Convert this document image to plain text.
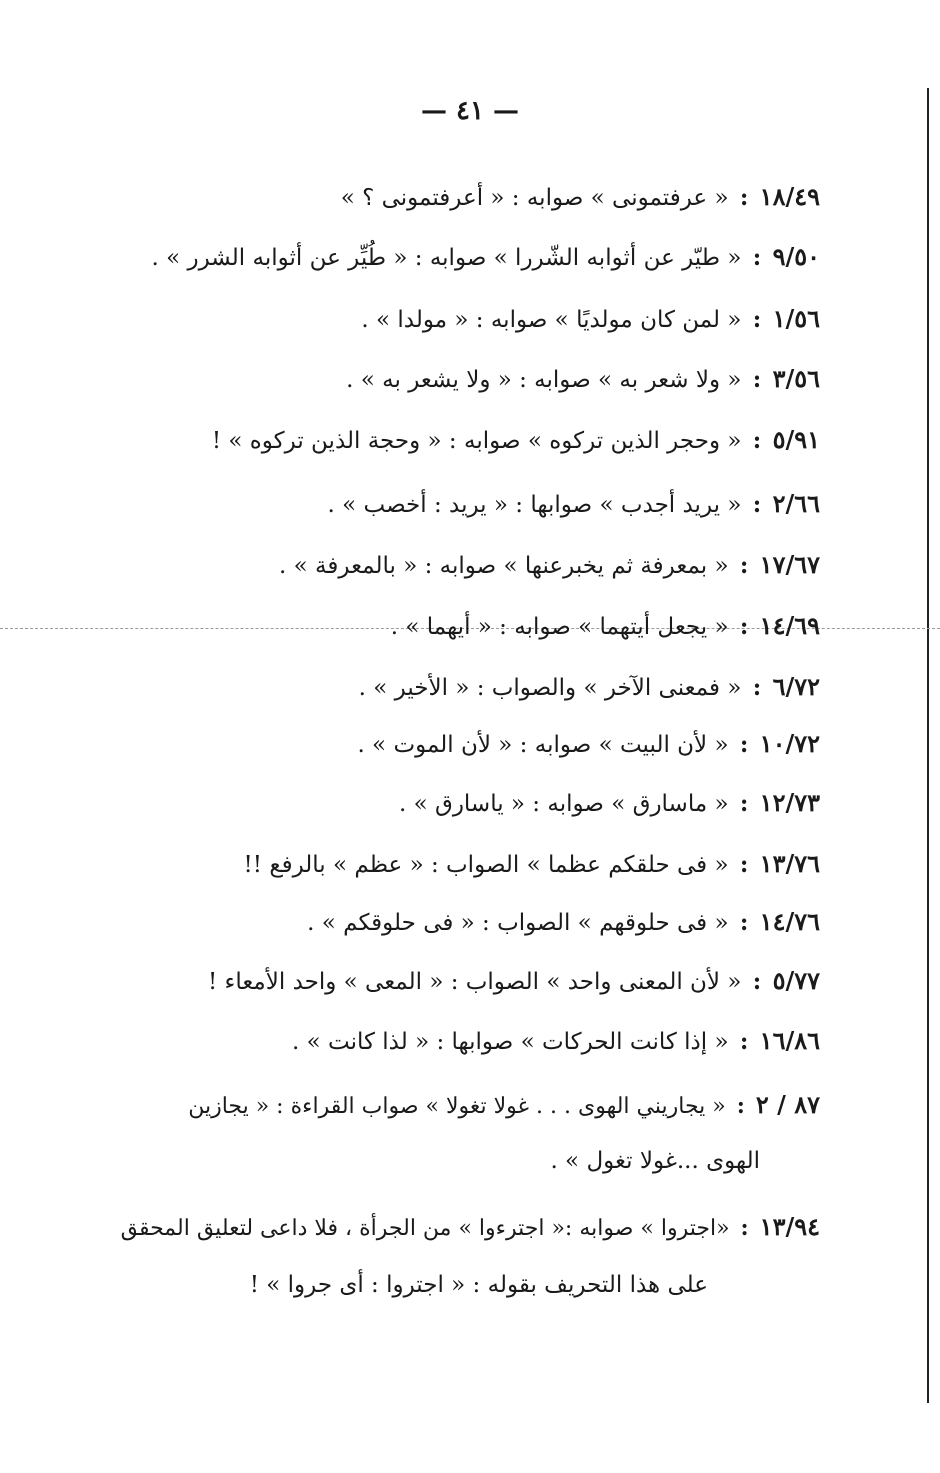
— ٤١ —
١٨/٤٩ : « عرفتمونى » صوابه : « أعرفتمونى ؟ »
٩/٥٠ : « طيّر عن أثوابه الشّررا » صوابه : « طُيِّر عن أثوابه الشرر » .
١/٥٦ : « لمن كان مولديًا » صوابه : « مولدا » .
٣/٥٦ : « ولا شعر به » صوابه : « ولا يشعر به » .
٥/٩١ : « وحجر الذين تركوه » صوابه : « وحجة الذين تركوه » !
٢/٦٦ : « يريد أجدب » صوابها : « يريد : أخصب » .
١٧/٦٧ : « بمعرفة ثم يخبرعنها » صوابه : « بالمعرفة » .
١٤/٦٩ : « يجعل أيتهما » صوابه : « أيهما » .
٦/٧٢ : « فمعنى الآخر » والصواب : « الأخير » .
١٠/٧٢ : « لأن البيت » صوابه : « لأن الموت » .
١٢/٧٣ : « ماسارق » صوابه : « ياسارق » .
١٣/٧٦ : « فى حلقكم عظما » الصواب : « عظم » بالرفع !!
١٤/٧٦ : « فى حلوقهم » الصواب : « فى حلوقكم » .
٥/٧٧ : « لأن المعنى واحد » الصواب : « المعى » واحد الأمعاء !
١٦/٨٦ : « إذا كانت الحركات » صوابها : « لذا كانت » .
٨٧ / ٢ : « يجاريني الهوى . . . غولا تغولا » صواب القراءة : « يجازين
الهوى ...غولا تغول » .
١٣/٩٤ : «اجتروا » صوابه :« اجترءوا » من الجرأة ، فلا داعى لتعليق المحقق
على هذا التحريف بقوله : « اجتروا : أى جروا » !
